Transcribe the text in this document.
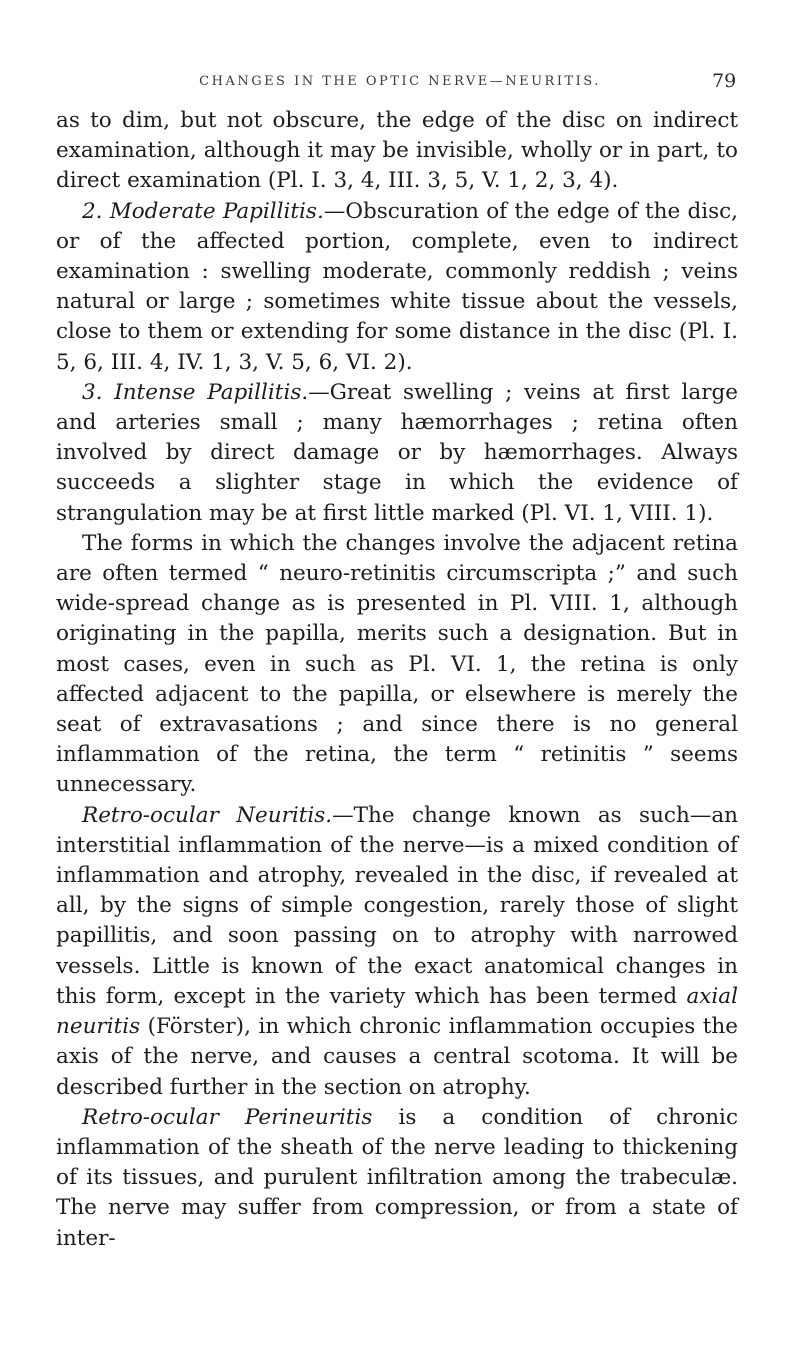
CHANGES IN THE OPTIC NERVE—NEURITIS.	79

as to dim, but not obscure, the edge of the disc on indirect examination, although it may be invisible, wholly or in part, to direct examination (Pl. I. 3, 4, III. 3, 5, V. 1, 2, 3, 4).

2. Moderate Papillitis.—Obscuration of the edge of the disc, or of the affected portion, complete, even to indirect examination : swelling moderate, commonly reddish ; veins natural or large ; sometimes white tissue about the vessels, close to them or extending for some distance in the disc (Pl. I. 5, 6, III. 4, IV. 1, 3, V. 5, 6, VI. 2).

3. Intense Papillitis.—Great swelling ; veins at first large and arteries small ; many hæmorrhages ; retina often involved by direct damage or by hæmorrhages. Always succeeds a slighter stage in which the evidence of strangulation may be at first little marked (Pl. VI. 1, VIII. 1).

The forms in which the changes involve the adjacent retina are often termed “ neuro-retinitis circumscripta ;” and such wide-spread change as is presented in Pl. VIII. 1, although originating in the papilla, merits such a designation. But in most cases, even in such as Pl. VI. 1, the retina is only affected adjacent to the papilla, or elsewhere is merely the seat of extravasations ; and since there is no general inflammation of the retina, the term “ retinitis ” seems unnecessary.

Retro-ocular Neuritis.—The change known as such—an interstitial inflammation of the nerve—is a mixed condition of inflammation and atrophy, revealed in the disc, if revealed at all, by the signs of simple congestion, rarely those of slight papillitis, and soon passing on to atrophy with narrowed vessels. Little is known of the exact anatomical changes in this form, except in the variety which has been termed axial neuritis (Förster), in which chronic inflammation occupies the axis of the nerve, and causes a central scotoma. It will be described further in the section on atrophy.

Retro-ocular Perineuritis is a condition of chronic inflammation of the sheath of the nerve leading to thickening of its tissues, and purulent infiltration among the trabeculæ. The nerve may suffer from compression, or from a state of inter-
